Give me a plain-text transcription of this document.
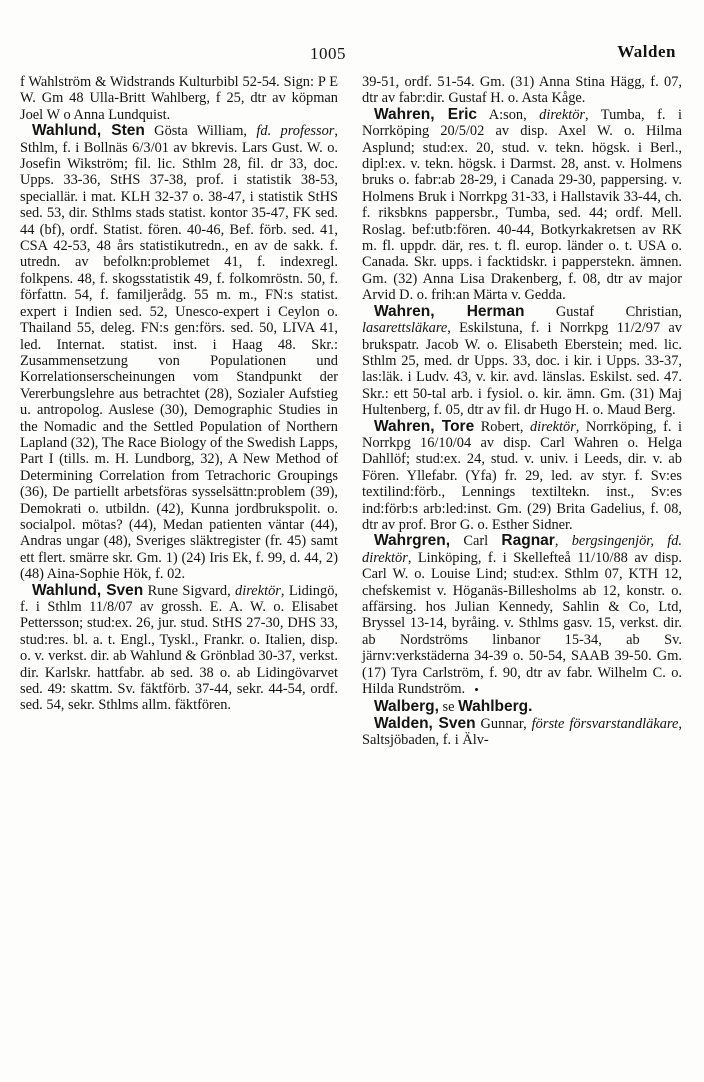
1005	Walden

f Wahlström & Widstrands Kulturbibl 52-54. Sign: P E W. Gm 48 Ulla-Britt Wahlberg, f 25, dtr av köpman Joel W o Anna Lundquist.

Wahlund, Sten Gösta William, fd. professor, Sthlm, f. i Bollnäs 6/3/01 av bkrevis. Lars Gust. W. o. Josefin Wikström; fil. lic. Sthlm 28, fil. dr 33, doc. Upps. 33-36, StHS 37-38, prof. i statistik 38-53, speciallär. i mat. KLH 32-37 o. 38-47, i statistik StHS sed. 53, dir. Sthlms stads statist. kontor 35-47, FK sed. 44 (bf), ordf. Statist. fören. 40-46, Bef. förb. sed. 41, CSA 42-53, 48 års statistikutredn., en av de sakk. f. utredn. av befolkn:problemet 41, f. indexregl. folkpens. 48, f. skogsstatistik 49, f. folkomröstn. 50, f. författn. 54, f. familjerådg. 55 m. m., FN:s statist. expert i Indien sed. 52, Unesco-expert i Ceylon o. Thailand 55, deleg. FN:s gen:förs. sed. 50, LIVA 41, led. Internat. statist. inst. i Haag 48. Skr.: Zusammensetzung von Populationen und Korrelationserscheinungen vom Standpunkt der Vererbungslehre aus betrachtet (28), Sozialer Aufstieg u. antropolog. Auslese (30), Demographic Studies in the Nomadic and the Settled Population of Northern Lapland (32), The Race Biology of the Swedish Lapps, Part I (tills. m. H. Lundborg, 32), A New Method of Determining Correlation from Tetrachoric Groupings (36), De partiellt arbetsföras sysselsättn:problem (39), Demokrati o. utbildn. (42), Kunna jordbrukspolit. o. socialpol. mötas? (44), Medan patienten väntar (44), Andras ungar (48), Sveriges släktregister (fr. 45) samt ett flert. smärre skr. Gm. 1) (24) Iris Ek, f. 99, d. 44, 2) (48) Aina-Sophie Hök, f. 02.

Wahlund, Sven Rune Sigvard, direktör, Lidingö, f. i Sthlm 11/8/07 av grossh. E. A. W. o. Elisabet Pettersson; stud:ex. 26, jur. stud. StHS 27-30, DHS 33, stud:res. bl. a. t. Engl., Tyskl., Frankr. o. Italien, disp. o. v. verkst. dir. ab Wahlund & Grönblad 30-37, verkst. dir. Karlskr. hattfabr. ab sed. 38 o. ab Lidingövarvet sed. 49: skattm. Sv. fäktförb. 37-44, sekr. 44-54, ordf. sed. 54, sekr. Sthlms allm. fäktfören.

39-51, ordf. 51-54. Gm. (31) Anna Stina Hägg, f. 07, dtr av fabr:dir. Gustaf H. o. Asta Kåge.

Wahren, Eric A:son, direktör, Tumba, f. i Norrköping 20/5/02 av disp. Axel W. o. Hilma Asplund; stud:ex. 20, stud. v. tekn. högsk. i Berl., dipl:ex. v. tekn. högsk. i Darmst. 28, anst. v. Holmens bruks o. fabr:ab 28-29, i Canada 29-30, pappersing. v. Holmens Bruk i Norrkpg 31-33, i Hallstavik 33-44, ch. f. riksbkns pappersbr., Tumba, sed. 44; ordf. Mell. Roslag. bef:utb:fören. 40-44, Botkyrkakretsen av RK m. fl. uppdr. där, res. t. fl. europ. länder o. t. USA o. Canada. Skr. upps. i facktidskr. i papperstekn. ämnen. Gm. (32) Anna Lisa Drakenberg, f. 08, dtr av major Arvid D. o. frih:an Märta v. Gedda.

Wahren, Herman Gustaf Christian, lasarettsläkare, Eskilstuna, f. i Norrkpg 11/2/97 av brukspatr. Jacob W. o. Elisabeth Eberstein; med. lic. Sthlm 25, med. dr Upps. 33, doc. i kir. i Upps. 33-37, las:läk. i Ludv. 43, v. kir. avd. länslas. Eskilst. sed. 47. Skr.: ett 50-tal arb. i fysiol. o. kir. ämn. Gm. (31) Maj Hultenberg, f. 05, dtr av fil. dr Hugo H. o. Maud Berg.

Wahren, Tore Robert, direktör, Norrköping, f. i Norrkpg 16/10/04 av disp. Carl Wahren o. Helga Dahllöf; stud:ex. 24, stud. v. univ. i Leeds, dir. v. ab Fören. Yllefabr. (Yfa) fr. 29, led. av styr. f. Sv:es textilind:förb., Lennings textiltekn. inst., Sv:es ind:förb:s arb:led:inst. Gm. (29) Brita Gadelius, f. 08, dtr av prof. Bror G. o. Esther Sidner.

Wahrgren, Carl Ragnar, bergsingenjör, fd. direktör, Linköping, f. i Skellefteå 11/10/88 av disp. Carl W. o. Louise Lind; stud:ex. Sthlm 07, KTH 12, chefskemist v. Höganäs-Billesholms ab 12, konstr. o. affärsing. hos Julian Kennedy, Sahlin & Co, Ltd, Bryssel 13-14, byråing. v. Sthlms gasv. 15, verkst. dir. ab Nordströms linbanor 15-34, ab Sv. järnv:verkstäderna 34-39 o. 50-54, SAAB 39-50. Gm. (17) Tyra Carlström, f. 90, dtr av fabr. Wilhelm C. o. Hilda Rundström.

Walberg, se Wahlberg.

Walden, Sven Gunnar, förste försvarstandläkare, Saltsjöbaden, f. i Älv-
